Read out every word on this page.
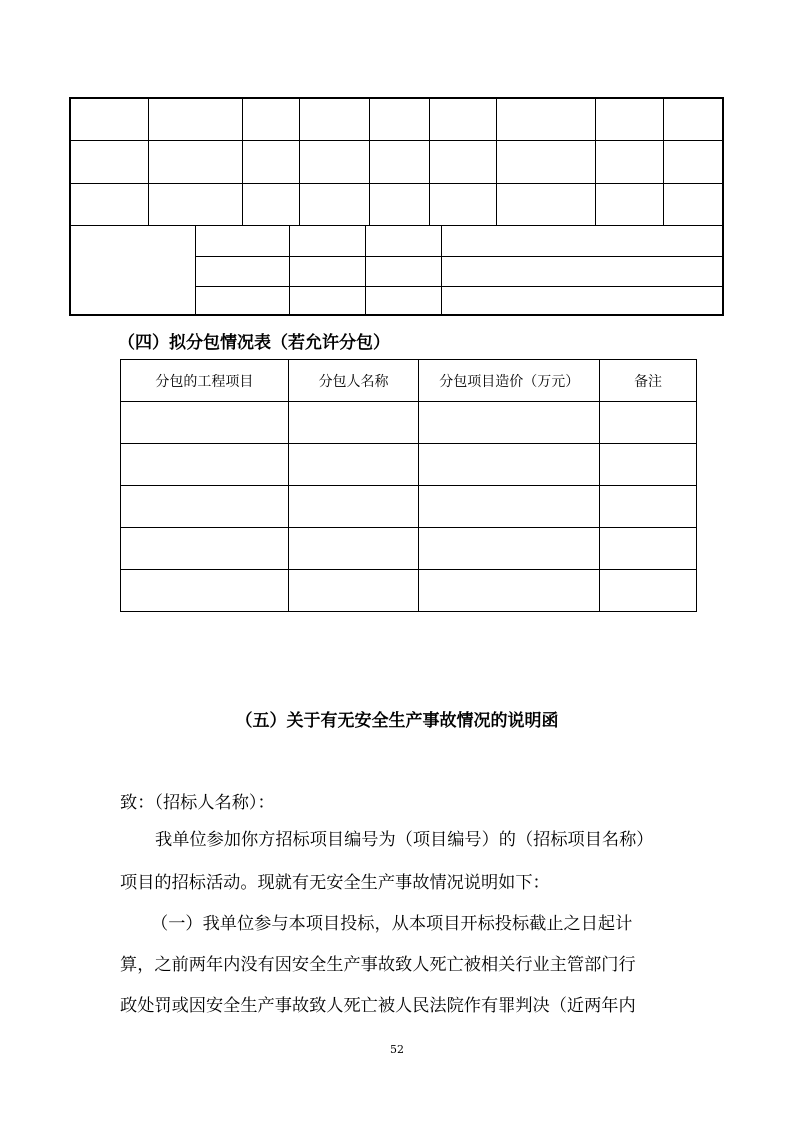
（四）拟分包情况表（若允许分包）
分包的工程项目	分包人名称	分包项目造价（万元）	备注

（五）关于有无安全生产事故情况的说明函
致：（招标人名称）：
我单位参加你方招标项目编号为（项目编号）的（招标项目名称）
项目的招标活动。现就有无安全生产事故情况说明如下：
（一）我单位参与本项目投标，从本项目开标投标截止之日起计
算，之前两年内没有因安全生产事故致人死亡被相关行业主管部门行
政处罚或因安全生产事故致人死亡被人民法院作有罪判决（近两年内
52
